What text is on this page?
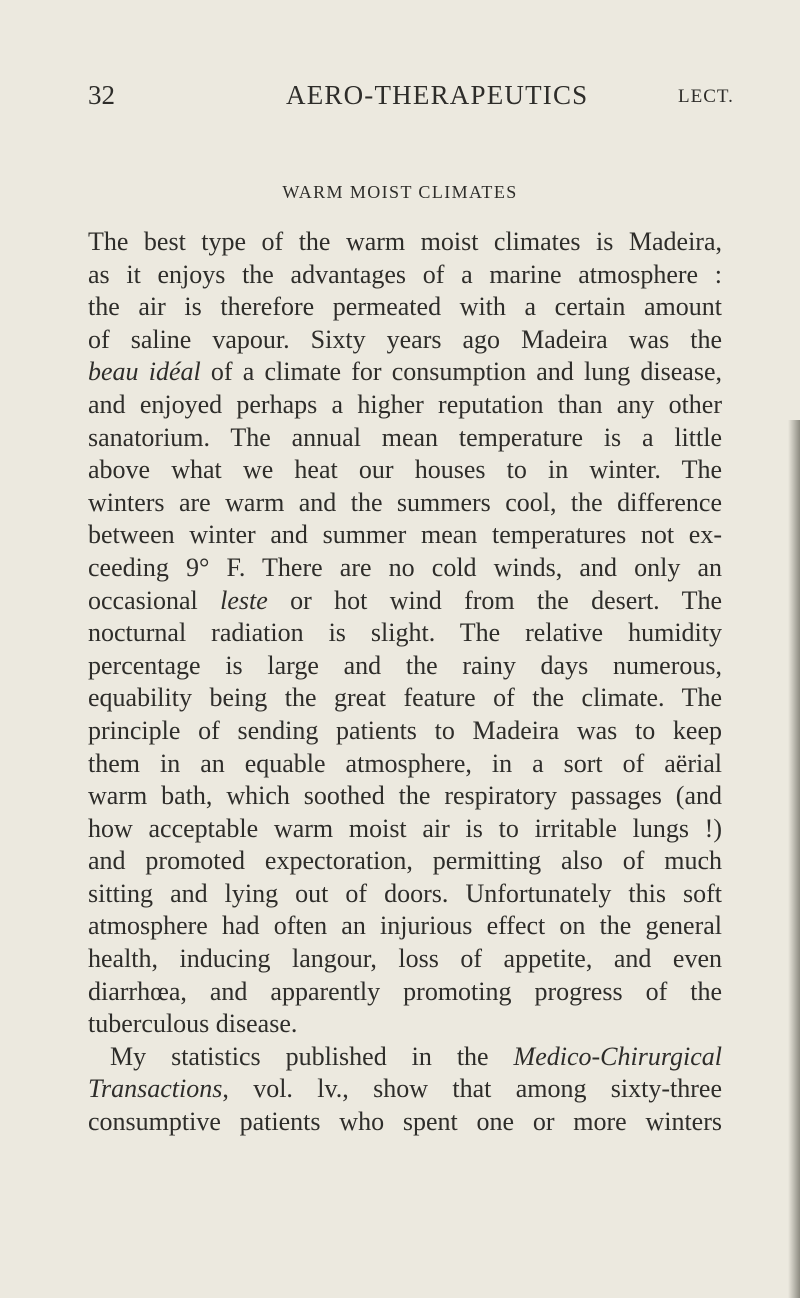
32	AERO-THERAPEUTICS	LECT.
WARM MOIST CLIMATES
The best type of the warm moist climates is Madeira,
as it enjoys the advantages of a marine atmosphere :
the air is therefore permeated with a certain amount
of saline vapour. Sixty years ago Madeira was the
beau idéal of a climate for consumption and lung disease,
and enjoyed perhaps a higher reputation than any other
sanatorium. The annual mean temperature is a little
above what we heat our houses to in winter. The
winters are warm and the summers cool, the difference
between winter and summer mean temperatures not ex-
ceeding 9° F. There are no cold winds, and only an
occasional leste or hot wind from the desert. The
nocturnal radiation is slight. The relative humidity
percentage is large and the rainy days numerous,
equability being the great feature of the climate. The
principle of sending patients to Madeira was to keep
them in an equable atmosphere, in a sort of aërial
warm bath, which soothed the respiratory passages (and
how acceptable warm moist air is to irritable lungs !)
and promoted expectoration, permitting also of much
sitting and lying out of doors. Unfortunately this soft
atmosphere had often an injurious effect on the general
health, inducing langour, loss of appetite, and even
diarrhœa, and apparently promoting progress of the
tuberculous disease.
My statistics published in the Medico-Chirurgical
Transactions, vol. lv., show that among sixty-three
consumptive patients who spent one or more winters
